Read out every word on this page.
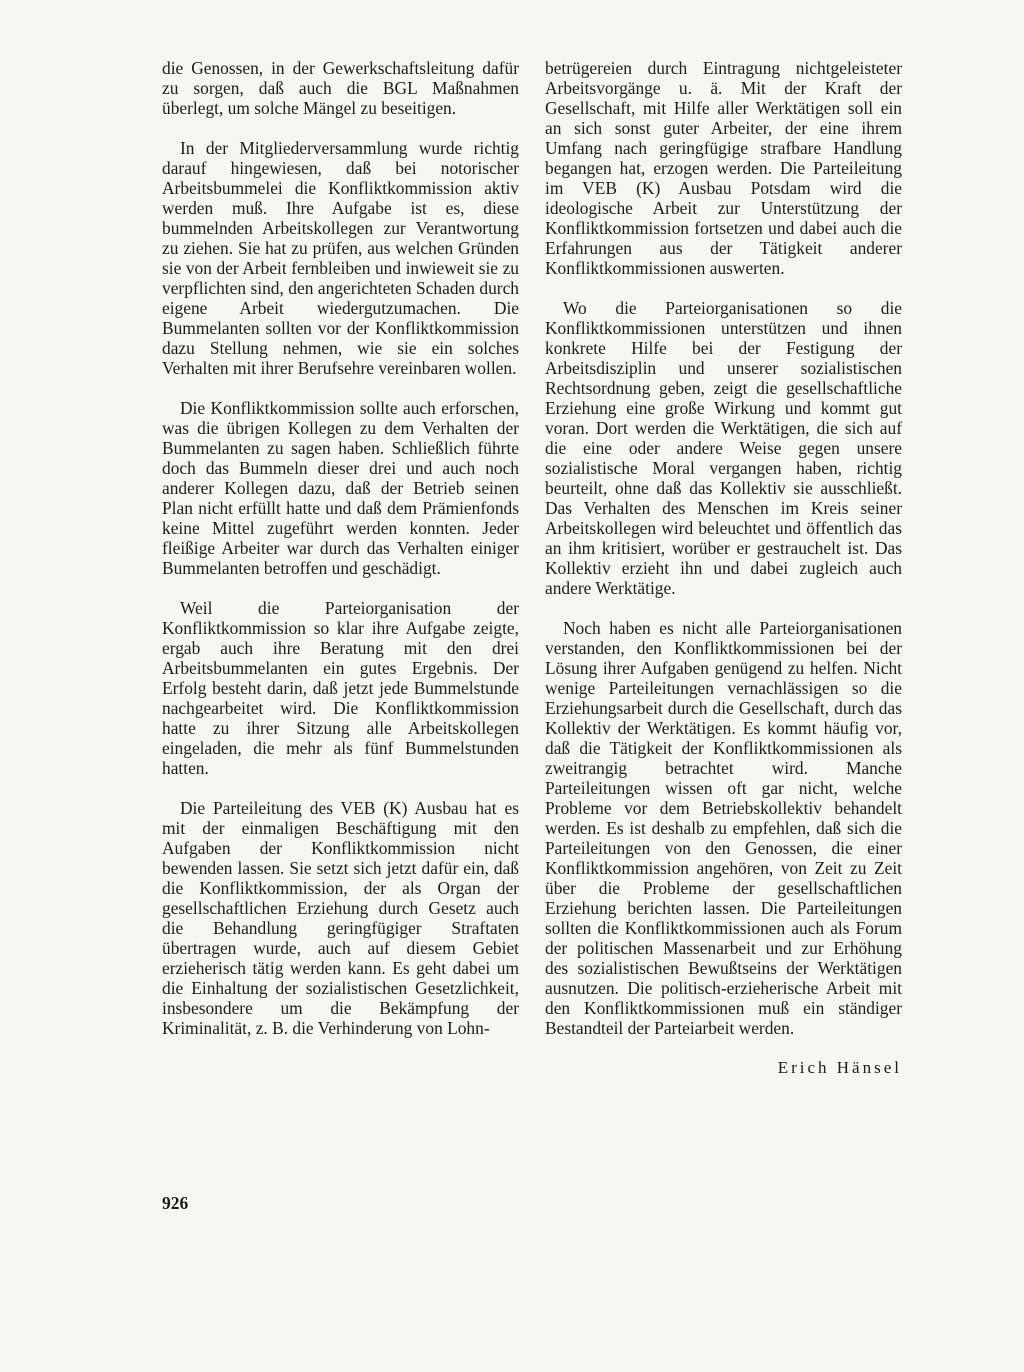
die Genossen, in der Gewerkschaftsleitung dafür zu sorgen, daß auch die BGL Maßnahmen überlegt, um solche Mängel zu beseitigen.

In der Mitgliederversammlung wurde richtig darauf hingewiesen, daß bei notorischer Arbeitsbummelei die Konfliktkommission aktiv werden muß. Ihre Aufgabe ist es, diese bummelnden Arbeitskollegen zur Verantwortung zu ziehen. Sie hat zu prüfen, aus welchen Gründen sie von der Arbeit fernbleiben und inwieweit sie zu verpflichten sind, den angerichteten Schaden durch eigene Arbeit wiedergutzumachen. Die Bummelanten sollten vor der Konfliktkommission dazu Stellung nehmen, wie sie ein solches Verhalten mit ihrer Berufsehre vereinbaren wollen.

Die Konfliktkommission sollte auch erforschen, was die übrigen Kollegen zu dem Verhalten der Bummelanten zu sagen haben. Schließlich führte doch das Bummeln dieser drei und auch noch anderer Kollegen dazu, daß der Betrieb seinen Plan nicht erfüllt hatte und daß dem Prämienfonds keine Mittel zugeführt werden konnten. Jeder fleißige Arbeiter war durch das Verhalten einiger Bummelanten betroffen und geschädigt.

Weil die Parteiorganisation der Konfliktkommission so klar ihre Aufgabe zeigte, ergab auch ihre Beratung mit den drei Arbeitsbummelanten ein gutes Ergebnis. Der Erfolg besteht darin, daß jetzt jede Bummelstunde nachgearbeitet wird. Die Konfliktkommission hatte zu ihrer Sitzung alle Arbeitskollegen eingeladen, die mehr als fünf Bummelstunden hatten.

Die Parteileitung des VEB (K) Ausbau hat es mit der einmaligen Beschäftigung mit den Aufgaben der Konfliktkommission nicht bewenden lassen. Sie setzt sich jetzt dafür ein, daß die Konfliktkommission, der als Organ der gesellschaftlichen Erziehung durch Gesetz auch die Behandlung geringfügiger Straftaten übertragen wurde, auch auf diesem Gebiet erzieherisch tätig werden kann. Es geht dabei um die Einhaltung der sozialistischen Gesetzlichkeit, insbesondere um die Bekämpfung der Kriminalität, z. B. die Verhinderung von Lohn-

betrügereien durch Eintragung nichtgeleisteter Arbeitsvorgänge u. ä. Mit der Kraft der Gesellschaft, mit Hilfe aller Werktätigen soll ein an sich sonst guter Arbeiter, der eine ihrem Umfang nach geringfügige strafbare Handlung begangen hat, erzogen werden. Die Parteileitung im VEB (K) Ausbau Potsdam wird die ideologische Arbeit zur Unterstützung der Konfliktkommission fortsetzen und dabei auch die Erfahrungen aus der Tätigkeit anderer Konfliktkommissionen auswerten.

Wo die Parteiorganisationen so die Konfliktkommissionen unterstützen und ihnen konkrete Hilfe bei der Festigung der Arbeitsdisziplin und unserer sozialistischen Rechtsordnung geben, zeigt die gesellschaftliche Erziehung eine große Wirkung und kommt gut voran. Dort werden die Werktätigen, die sich auf die eine oder andere Weise gegen unsere sozialistische Moral vergangen haben, richtig beurteilt, ohne daß das Kollektiv sie ausschließt. Das Verhalten des Menschen im Kreis seiner Arbeitskollegen wird beleuchtet und öffentlich das an ihm kritisiert, worüber er gestrauchelt ist. Das Kollektiv erzieht ihn und dabei zugleich auch andere Werktätige.

Noch haben es nicht alle Parteiorganisationen verstanden, den Konfliktkommissionen bei der Lösung ihrer Aufgaben genügend zu helfen. Nicht wenige Parteileitungen vernachlässigen so die Erziehungsarbeit durch die Gesellschaft, durch das Kollektiv der Werktätigen. Es kommt häufig vor, daß die Tätigkeit der Konfliktkommissionen als zweitrangig betrachtet wird. Manche Parteileitungen wissen oft gar nicht, welche Probleme vor dem Betriebskollektiv behandelt werden. Es ist deshalb zu empfehlen, daß sich die Parteileitungen von den Genossen, die einer Konfliktkommission angehören, von Zeit zu Zeit über die Probleme der gesellschaftlichen Erziehung berichten lassen. Die Parteileitungen sollten die Konfliktkommissionen auch als Forum der politischen Massenarbeit und zur Erhöhung des sozialistischen Bewußtseins der Werktätigen ausnutzen. Die politisch-erzieherische Arbeit mit den Konfliktkommissionen muß ein ständiger Bestandteil der Parteiarbeit werden.

Erich Hänsel
926
